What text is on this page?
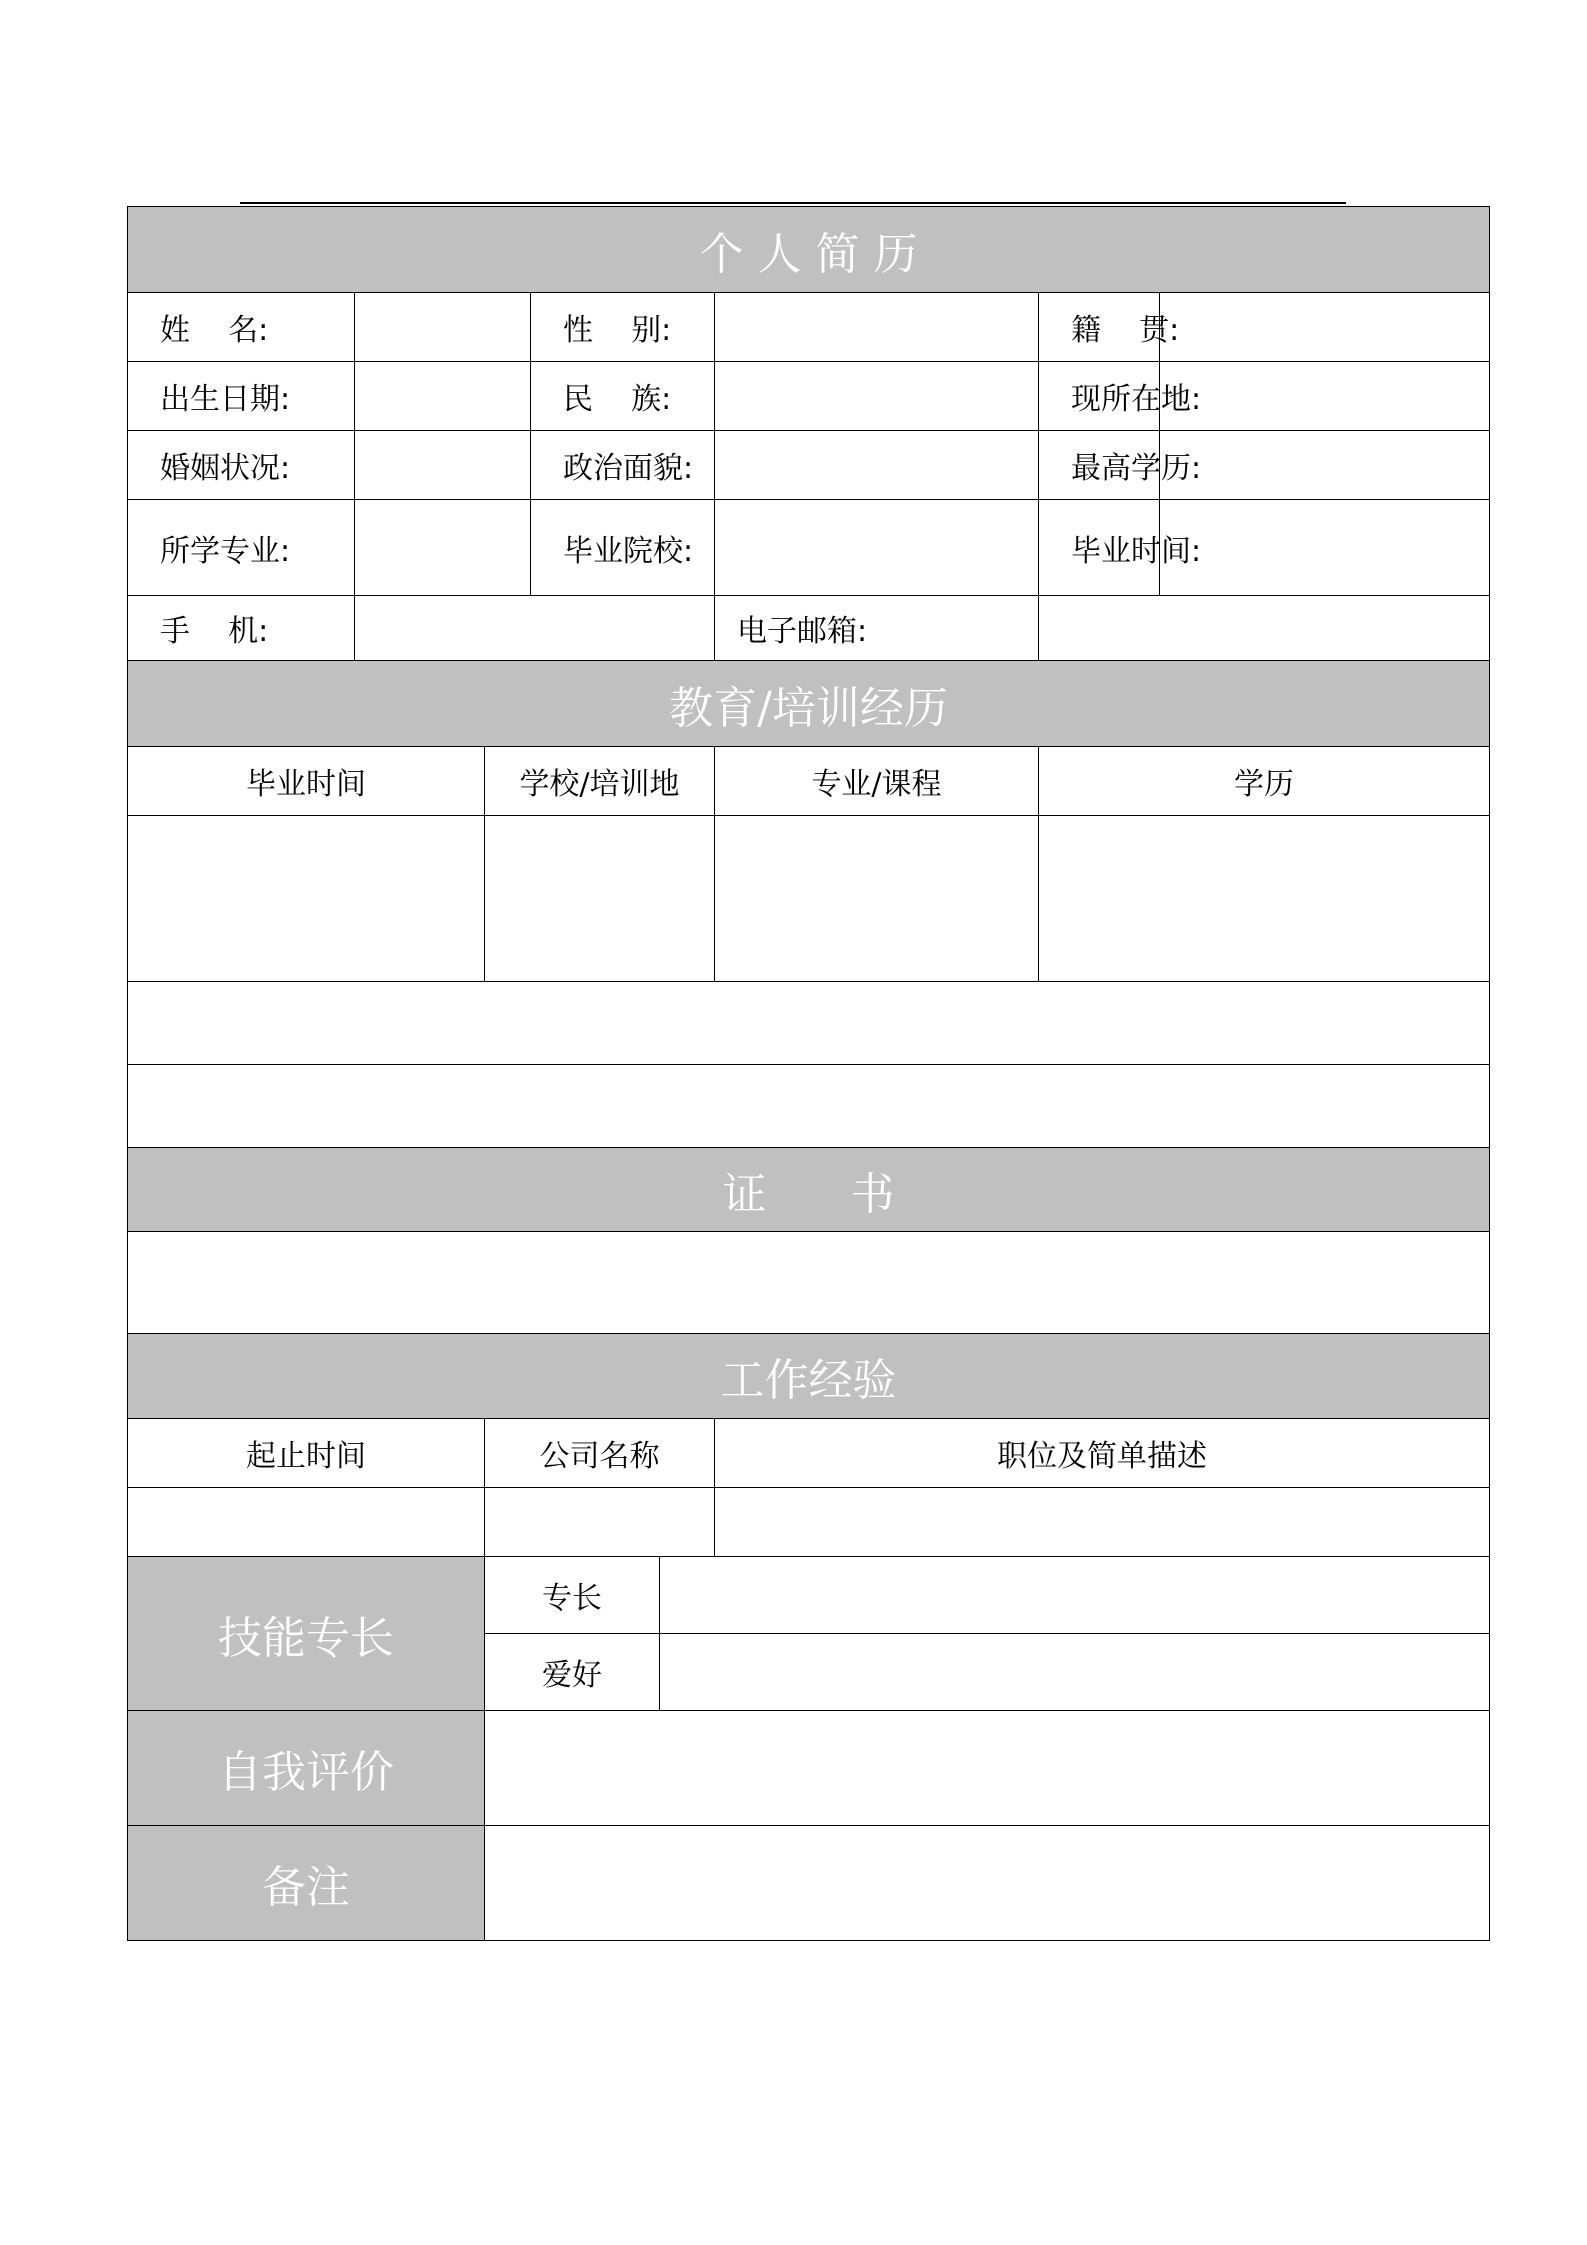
个 人 简 历								
姓    名:			性    别:			籍    贯:		
出生日期:			民    族:			现所在地:		
婚姻状况:			政治面貌:			最高学历:		
所学专业:			毕业院校:			毕业时间:		
手    机:					电子邮箱:			
教育/培训经历								
毕业时间		学校/培训地			专业/课程	学历		

证      书								

工作经验								
起止时间		公司名称			职位及简单描述			

技能专长		专长						
		爱好						
自我评价								
备注								
